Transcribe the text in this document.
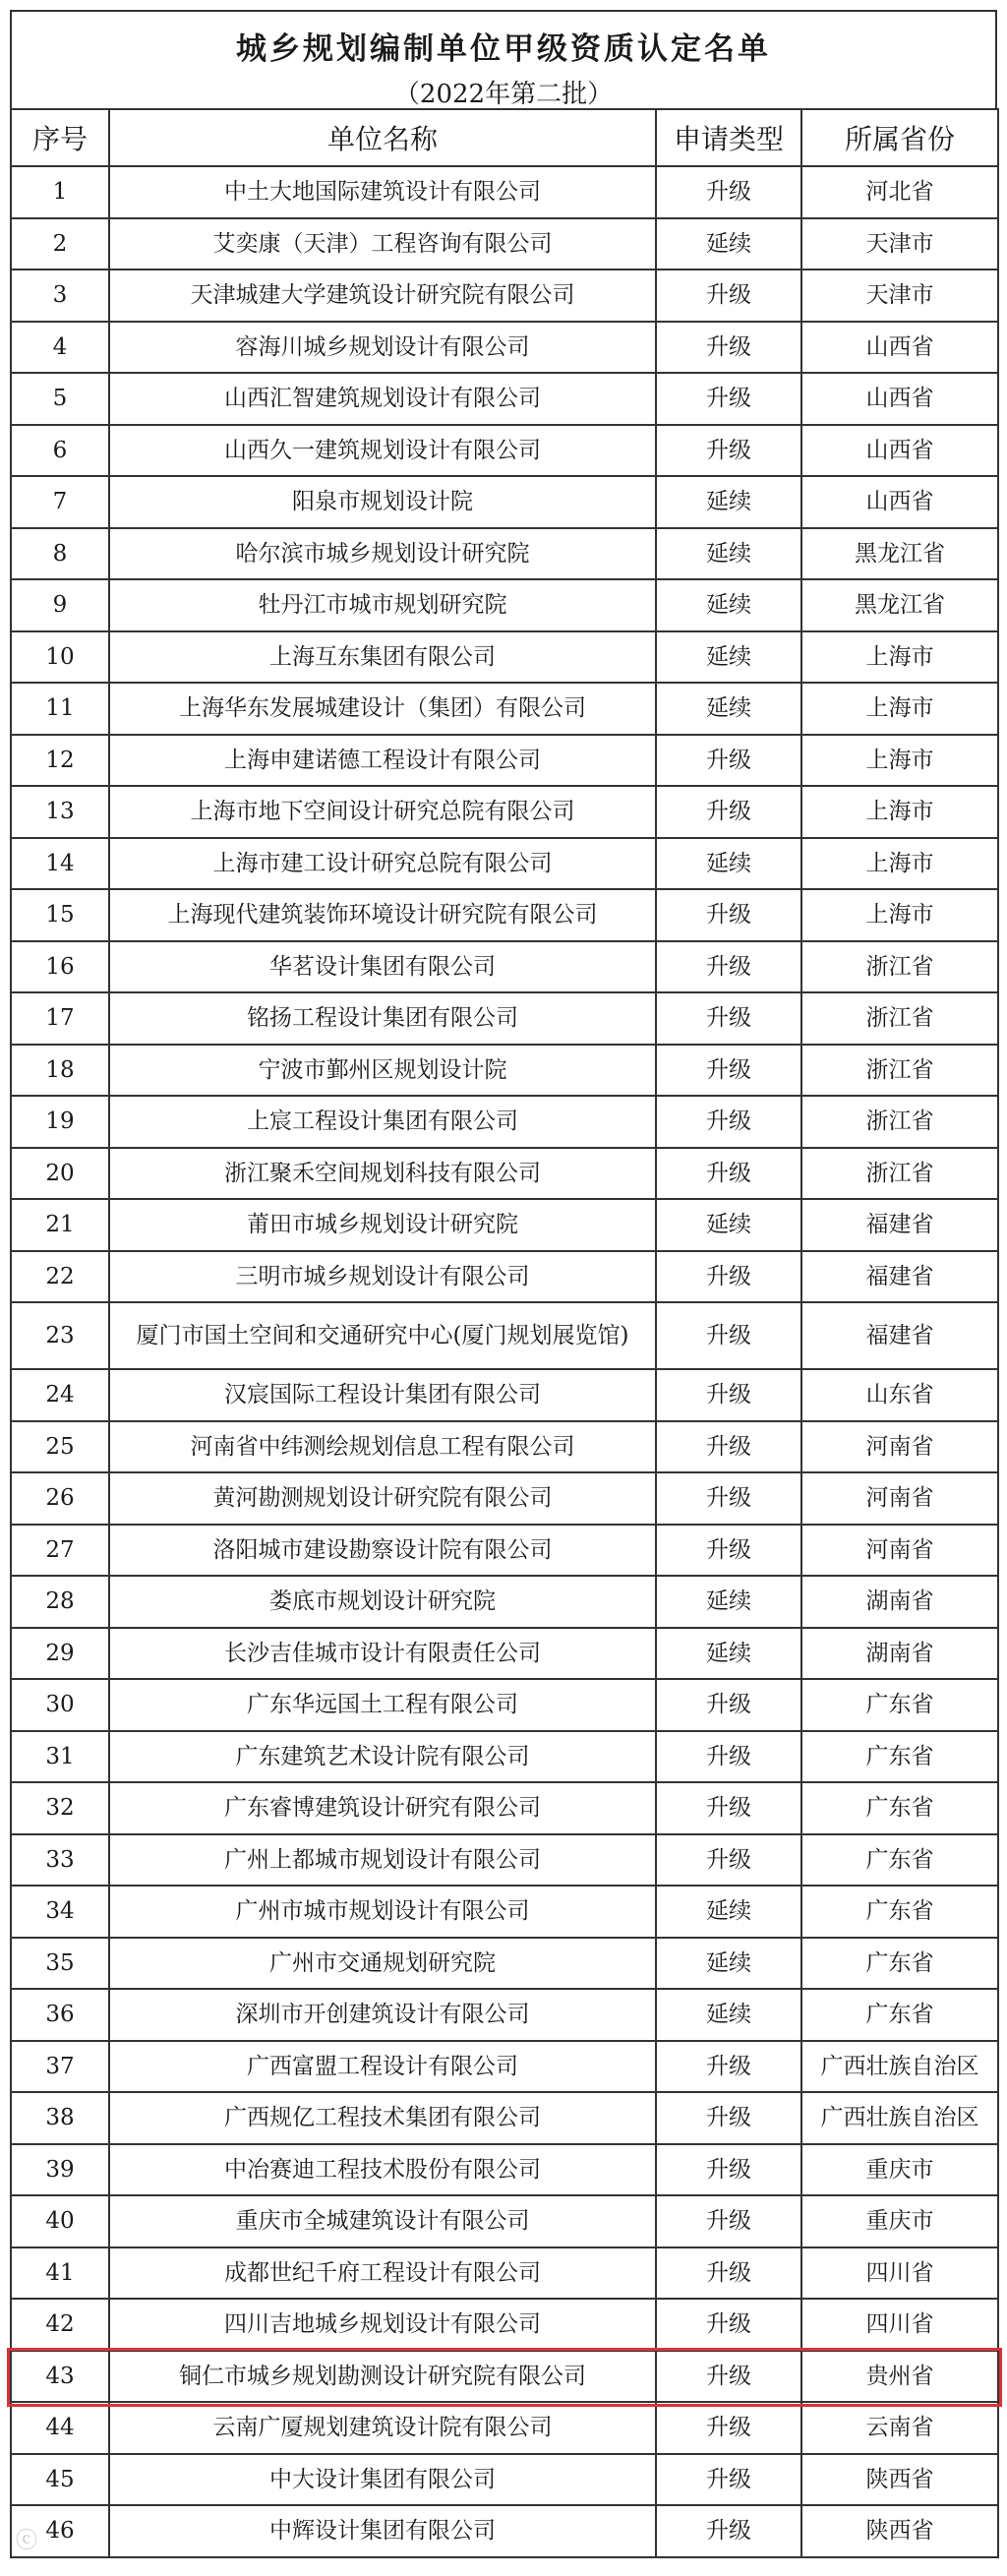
城乡规划编制单位甲级资质认定名单
（2022年第二批）
序号	单位名称	申请类型	所属省份
1	中土大地国际建筑设计有限公司	升级	河北省
2	艾奕康（天津）工程咨询有限公司	延续	天津市
3	天津城建大学建筑设计研究院有限公司	升级	天津市
4	容海川城乡规划设计有限公司	升级	山西省
5	山西汇智建筑规划设计有限公司	升级	山西省
6	山西久一建筑规划设计有限公司	升级	山西省
7	阳泉市规划设计院	延续	山西省
8	哈尔滨市城乡规划设计研究院	延续	黑龙江省
9	牡丹江市城市规划研究院	延续	黑龙江省
10	上海互东集团有限公司	延续	上海市
11	上海华东发展城建设计（集团）有限公司	延续	上海市
12	上海申建诺德工程设计有限公司	升级	上海市
13	上海市地下空间设计研究总院有限公司	升级	上海市
14	上海市建工设计研究总院有限公司	延续	上海市
15	上海现代建筑装饰环境设计研究院有限公司	升级	上海市
16	华茗设计集团有限公司	升级	浙江省
17	铭扬工程设计集团有限公司	升级	浙江省
18	宁波市鄞州区规划设计院	升级	浙江省
19	上宸工程设计集团有限公司	升级	浙江省
20	浙江聚禾空间规划科技有限公司	升级	浙江省
21	莆田市城乡规划设计研究院	延续	福建省
22	三明市城乡规划设计有限公司	升级	福建省
23	厦门市国土空间和交通研究中心(厦门规划展览馆)	升级	福建省
24	汉宸国际工程设计集团有限公司	升级	山东省
25	河南省中纬测绘规划信息工程有限公司	升级	河南省
26	黄河勘测规划设计研究院有限公司	升级	河南省
27	洛阳城市建设勘察设计院有限公司	升级	河南省
28	娄底市规划设计研究院	延续	湖南省
29	长沙吉佳城市设计有限责任公司	延续	湖南省
30	广东华远国土工程有限公司	升级	广东省
31	广东建筑艺术设计院有限公司	升级	广东省
32	广东睿博建筑设计研究有限公司	升级	广东省
33	广州上都城市规划设计有限公司	升级	广东省
34	广州市城市规划设计有限公司	延续	广东省
35	广州市交通规划研究院	延续	广东省
36	深圳市开创建筑设计有限公司	延续	广东省
37	广西富盟工程设计有限公司	升级	广西壮族自治区
38	广西规亿工程技术集团有限公司	升级	广西壮族自治区
39	中冶赛迪工程技术股份有限公司	升级	重庆市
40	重庆市全城建筑设计有限公司	升级	重庆市
41	成都世纪千府工程设计有限公司	升级	四川省
42	四川吉地城乡规划设计有限公司	升级	四川省
43	铜仁市城乡规划勘测设计研究院有限公司	升级	贵州省
44	云南广厦规划建筑设计院有限公司	升级	云南省
45	中大设计集团有限公司	升级	陕西省
46	中辉设计集团有限公司	升级	陕西省
ⓒ
